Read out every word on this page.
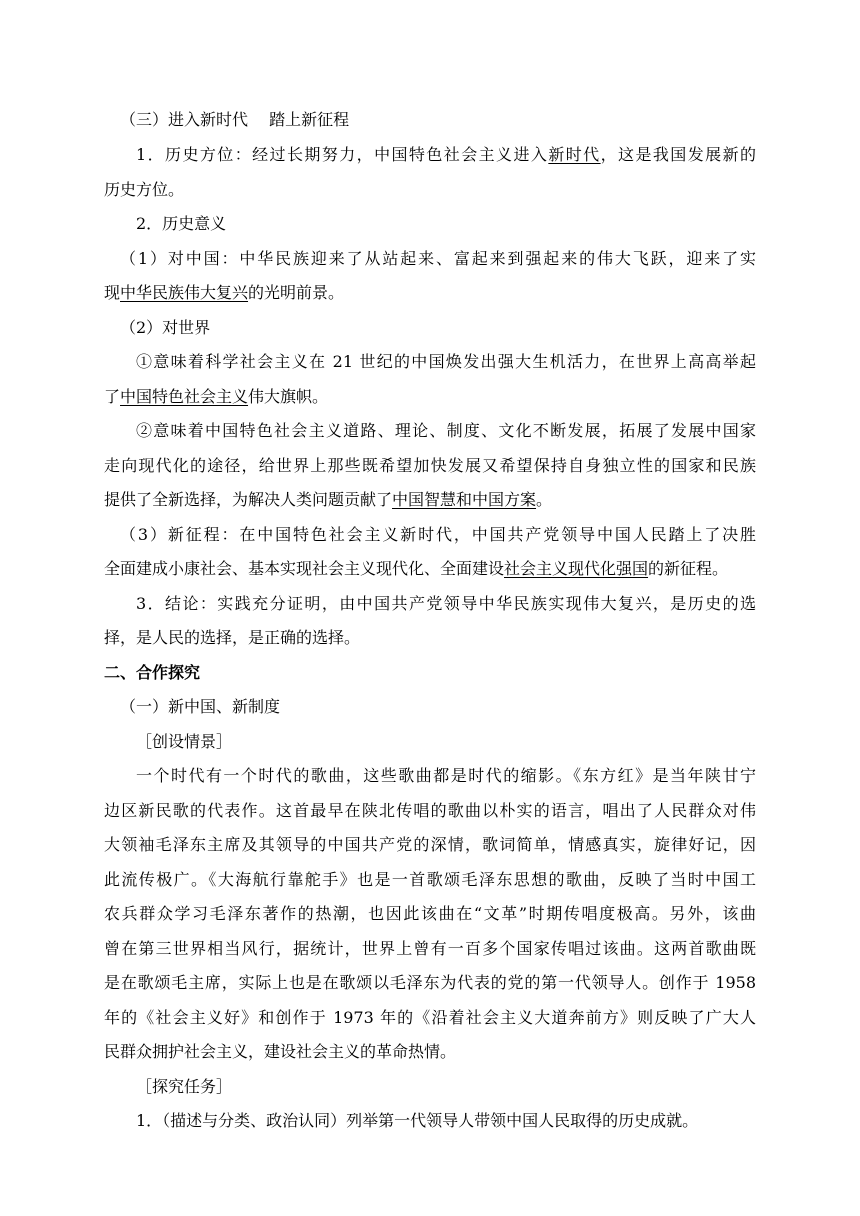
（三）进入新时代　 踏上新征程
1．历史方位：经过长期努力，中国特色社会主义进入新时代，这是我国发展新的
历史方位。
2．历史意义
（1）对中国：中华民族迎来了从站起来、富起来到强起来的伟大飞跃，迎来了实
现中华民族伟大复兴的光明前景。
（2）对世界
①意味着科学社会主义在 21 世纪的中国焕发出强大生机活力，在世界上高高举起
了中国特色社会主义伟大旗帜。
②意味着中国特色社会主义道路、理论、制度、文化不断发展，拓展了发展中国家
走向现代化的途径，给世界上那些既希望加快发展又希望保持自身独立性的国家和民族
提供了全新选择，为解决人类问题贡献了中国智慧和中国方案。
（3）新征程：在中国特色社会主义新时代，中国共产党领导中国人民踏上了决胜
全面建成小康社会、基本实现社会主义现代化、全面建设社会主义现代化强国的新征程。
3．结论：实践充分证明，由中国共产党领导中华民族实现伟大复兴，是历史的选
择，是人民的选择，是正确的选择。
二、合作探究
（一）新中国、新制度
［创设情景］
一个时代有一个时代的歌曲，这些歌曲都是时代的缩影。《东方红》是当年陕甘宁
边区新民歌的代表作。这首最早在陕北传唱的歌曲以朴实的语言，唱出了人民群众对伟
大领袖毛泽东主席及其领导的中国共产党的深情，歌词简单，情感真实，旋律好记，因
此流传极广。《大海航行靠舵手》也是一首歌颂毛泽东思想的歌曲，反映了当时中国工
农兵群众学习毛泽东著作的热潮，也因此该曲在“文革”时期传唱度极高。另外，该曲
曾在第三世界相当风行，据统计，世界上曾有一百多个国家传唱过该曲。这两首歌曲既
是在歌颂毛主席，实际上也是在歌颂以毛泽东为代表的党的第一代领导人。创作于 1958
年的《社会主义好》和创作于 1973 年的《沿着社会主义大道奔前方》则反映了广大人
民群众拥护社会主义，建设社会主义的革命热情。
［探究任务］
1．（描述与分类、政治认同）列举第一代领导人带领中国人民取得的历史成就。
